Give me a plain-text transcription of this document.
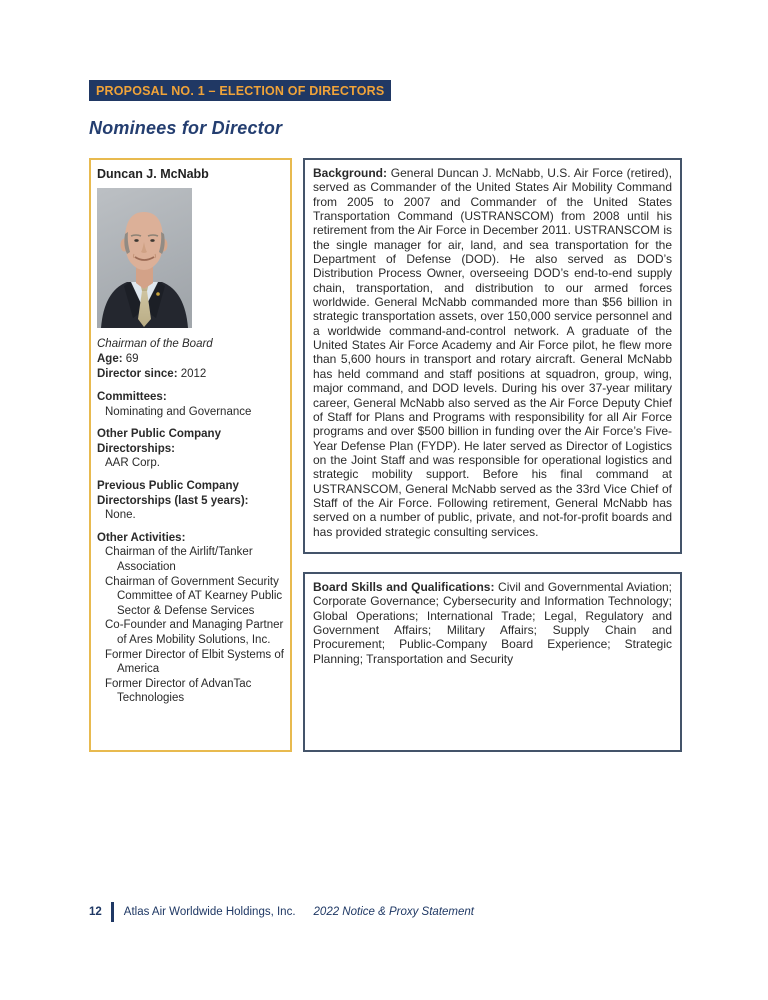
PROPOSAL NO. 1 – ELECTION OF DIRECTORS
Nominees for Director
Duncan J. McNabb
Chairman of the Board
Age: 69
Director since: 2012
Committees:
Nominating and Governance
Other Public Company Directorships:
AAR Corp.
Previous Public Company Directorships (last 5 years):
None.
Other Activities:
Chairman of the Airlift/Tanker Association
Chairman of Government Security Committee of AT Kearney Public Sector & Defense Services
Co-Founder and Managing Partner of Ares Mobility Solutions, Inc.
Former Director of Elbit Systems of America
Former Director of AdvanTac Technologies
Background: General Duncan J. McNabb, U.S. Air Force (retired), served as Commander of the United States Air Mobility Command from 2005 to 2007 and Commander of the United States Transportation Command (USTRANSCOM) from 2008 until his retirement from the Air Force in December 2011. USTRANSCOM is the single manager for air, land, and sea transportation for the Department of Defense (DOD). He also served as DOD’s Distribution Process Owner, overseeing DOD’s end-to-end supply chain, transportation, and distribution to our armed forces worldwide. General McNabb commanded more than $56 billion in strategic transportation assets, over 150,000 service personnel and a worldwide command-and-control network. A graduate of the United States Air Force Academy and Air Force pilot, he flew more than 5,600 hours in transport and rotary aircraft. General McNabb has held command and staff positions at squadron, group, wing, major command, and DOD levels. During his over 37-year military career, General McNabb also served as the Air Force Deputy Chief of Staff for Plans and Programs with responsibility for all Air Force programs and over $500 billion in funding over the Air Force’s Five-Year Defense Plan (FYDP). He later served as Director of Logistics on the Joint Staff and was responsible for operational logistics and strategic mobility support. Before his final command at USTRANSCOM, General McNabb served as the 33rd Vice Chief of Staff of the Air Force. Following retirement, General McNabb has served on a number of public, private, and not-for-profit boards and has provided strategic consulting services.
Board Skills and Qualifications: Civil and Governmental Aviation; Corporate Governance; Cybersecurity and Information Technology; Global Operations; International Trade; Legal, Regulatory and Government Affairs; Military Affairs; Supply Chain and Procurement; Public-Company Board Experience; Strategic Planning; Transportation and Security
12 Atlas Air Worldwide Holdings, Inc. 2022 Notice & Proxy Statement
